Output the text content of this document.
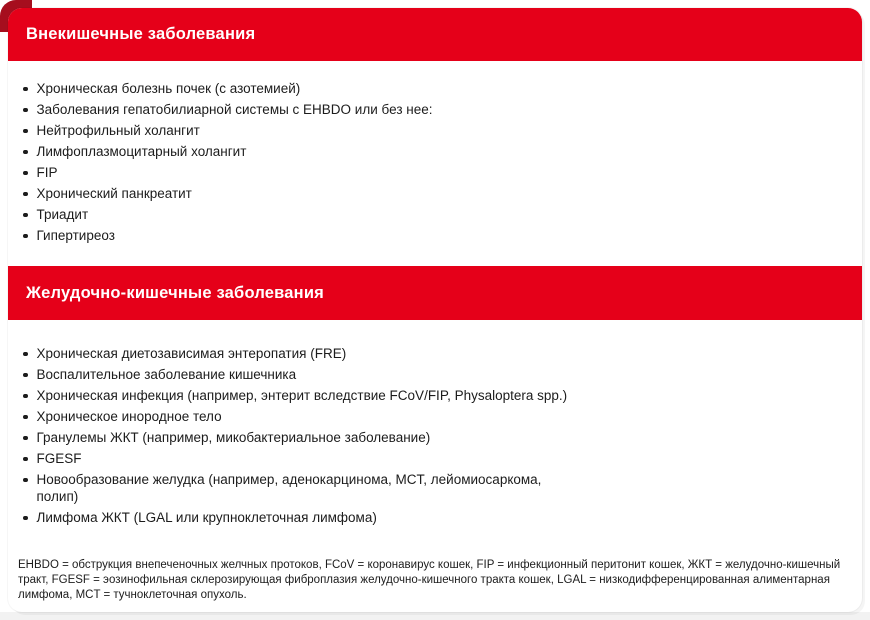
Внекишечные заболевания
Хроническая болезнь почек (с азотемией)
Заболевания гепатобилиарной системы с EHBDO или без нее:
Нейтрофильный холангит
Лимфоплазмоцитарный холангит
FIP
Хронический панкреатит
Триадит
Гипертиреоз
Желудочно-кишечные заболевания
Хроническая диетозависимая энтеропатия (FRE)
Воспалительное заболевание кишечника
Хроническая инфекция (например, энтерит вследствие FCoV/FIP, Physaloptera spp.)
Хроническое инородное тело
Гранулемы ЖКТ (например, микобактериальное заболевание)
FGESF
Новообразование желудка (например, аденокарцинома, MCT, лейомиосаркома, полип)
Лимфома ЖКТ (LGAL или крупноклеточная лимфома)

EHBDO = обструкция внепеченочных желчных протоков, FCoV = коронавирус кошек, FIP = инфекционный перитонит кошек, ЖКТ = желудочно-кишечный тракт, FGESF = эозинофильная склерозирующая фиброплазия желудочно-кишечного тракта кошек, LGAL = низкодифференцированная алиментарная лимфома, MCT = тучноклеточная опухоль.
